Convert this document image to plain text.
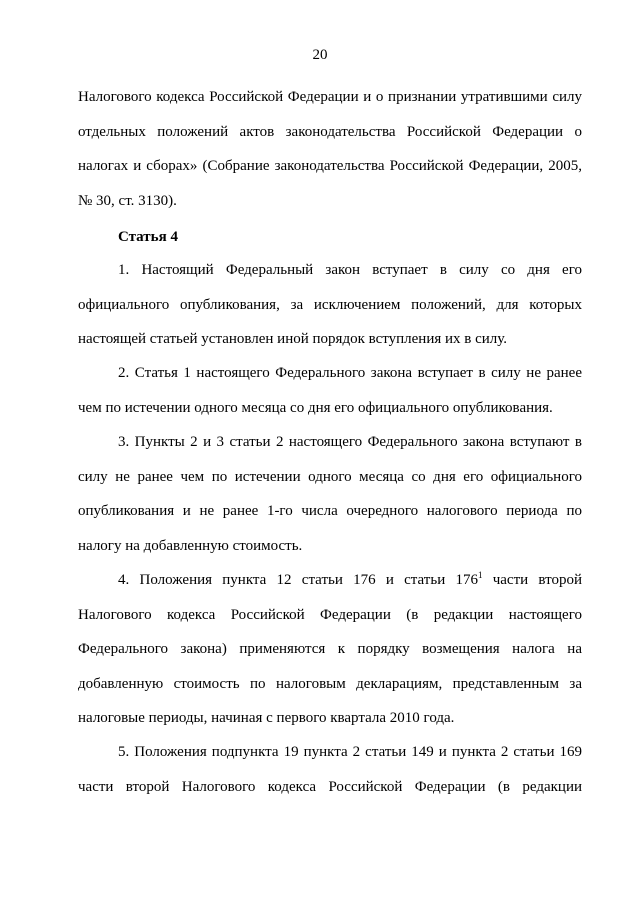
20
Налогового кодекса Российской Федерации и о признании утратившими силу
отдельных положений актов законодательства Российской Федерации о
налогах и сборах» (Собрание законодательства Российской Федерации, 2005,
№ 30, ст. 3130).
Статья 4
1. Настоящий Федеральный закон вступает в силу со дня его
официального опубликования, за исключением положений, для которых
настоящей статьей установлен иной порядок вступления их в силу.
2. Статья 1 настоящего Федерального закона вступает в силу не ранее
чем по истечении одного месяца со дня его официального опубликования.
3. Пункты 2 и 3 статьи 2 настоящего Федерального закона вступают в
силу не ранее чем по истечении одного месяца со дня его официального
опубликования и не ранее 1-го числа очередного налогового периода по
налогу на добавленную стоимость.
4. Положения пункта 12 статьи 176 и статьи $176^1$ части второй
Налогового кодекса Российской Федерации (в редакции настоящего
Федерального закона) применяются к порядку возмещения налога на
добавленную стоимость по налоговым декларациям, представленным за
налоговые периоды, начиная с первого квартала 2010 года.
5. Положения подпункта 19 пункта 2 статьи 149 и пункта 2 статьи 169
части второй Налогового кодекса Российской Федерации (в редакции
